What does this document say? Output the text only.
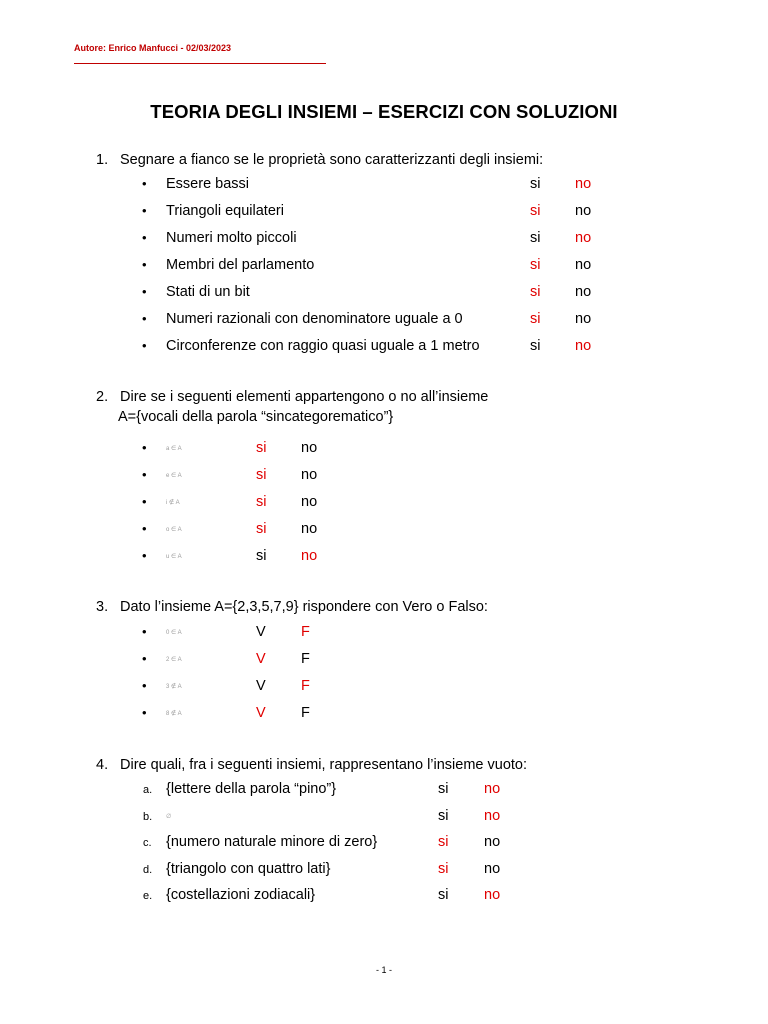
Autore: Enrico Manfucci - 02/03/2023
TEORIA DEGLI INSIEMI – ESERCIZI CON SOLUZIONI
1. Segnare a fianco se le proprietà sono caratterizzanti degli insiemi:
• Essere bassi	si no
• Triangoli equilateri	si no
• Numeri molto piccoli	si no
• Membri del parlamento	si no
• Stati di un bit	si no
• Numeri razionali con denominatore uguale a 0	si no
• Circonferenze con raggio quasi uguale a 1 metro	si no
2. Dire se i seguenti elementi appartengono o no all’insieme
A={vocali della parola “sincategorematico”}
•	a ∈ A	si no
•	e ∈ A	si no
•	i ∉ A	si no
•	o ∈ A	si no
•	u ∈ A	si no
3. Dato l’insieme A={2,3,5,7,9} rispondere con Vero o Falso:
•	0 ∈ A	V F
•	2 ∈ A	V F
•	3 ∉ A	V F
•	8 ∉ A	V F
4. Dire quali, fra i seguenti insiemi, rappresentano l’insieme vuoto:
a. {lettere della parola “pino”}	si no
b. ∅	si no
c. {numero naturale minore di zero}	si no
d. {triangolo con quattro lati}	si no
e. {costellazioni zodiacali}	si no
- 1 -
